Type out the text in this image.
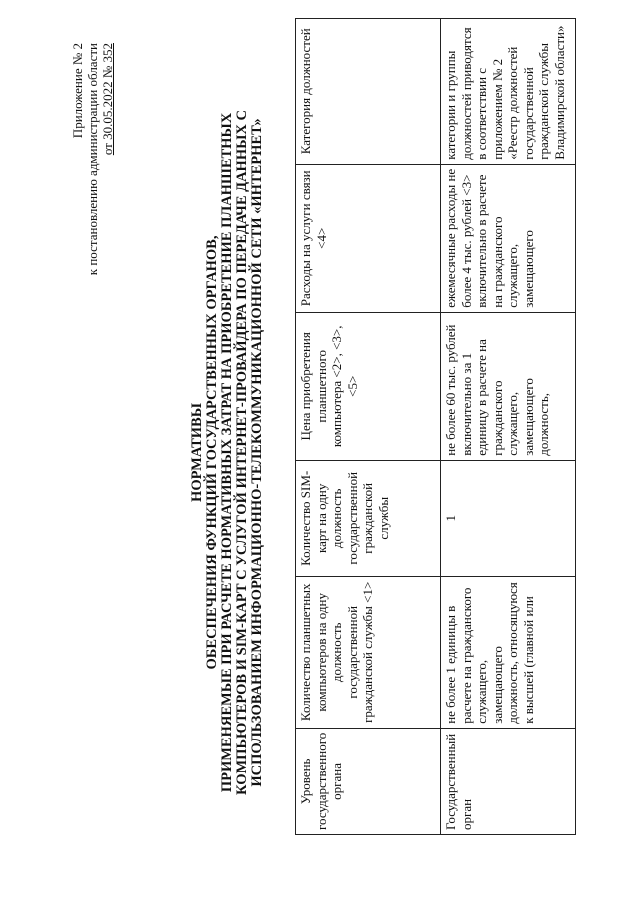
Приложение № 2 к постановлению администрации области от 30.05.2022 № 352
НОРМАТИВЫ ОБЕСПЕЧЕНИЯ ФУНКЦИЙ ГОСУДАРСТВЕННЫХ ОРГАНОВ, ПРИМЕНЯЕМЫЕ ПРИ РАСЧЕТЕ НОРМАТИВНЫХ ЗАТРАТ НА ПРИОБРЕТЕНИЕ ПЛАНШЕТНЫХ КОМПЬЮТЕРОВ И SIM-КАРТ С УСЛУГОЙ ИНТЕРНЕТ-ПРОВАЙДЕРА ПО ПЕРЕДАЧЕ ДАННЫХ С ИСПОЛЬЗОВАНИЕМ ИНФОРМАЦИОННО-ТЕЛЕКОММУНИКАЦИОННОЙ СЕТИ «ИНТЕРНЕТ»	Уровень государственного органа	Количество планшетных компьютеров на одну должность государственной гражданской службы <1>	Количество SIM-карт на одну должность государственной гражданской службы	Цена приобретения планшетного компьютера <2>, <3>, <5>	Расходы на услуги связи <4>	Категория должностей
Государственный орган	не более 1 единицы в расчете на гражданского служащего, замещающего должность, относящуюся к высшей (главной или	1	не более 60 тыс. рублей включительно за 1 единицу в расчете на гражданского служащего, замещающего должность,	ежемесячные расходы не более 4 тыс. рублей <3> включительно в расчете на гражданского служащего, замещающего	категории и группы должностей приводятся в соответствии с приложением № 2 «Реестр должностей государственной гражданской службы Владимирской области»
